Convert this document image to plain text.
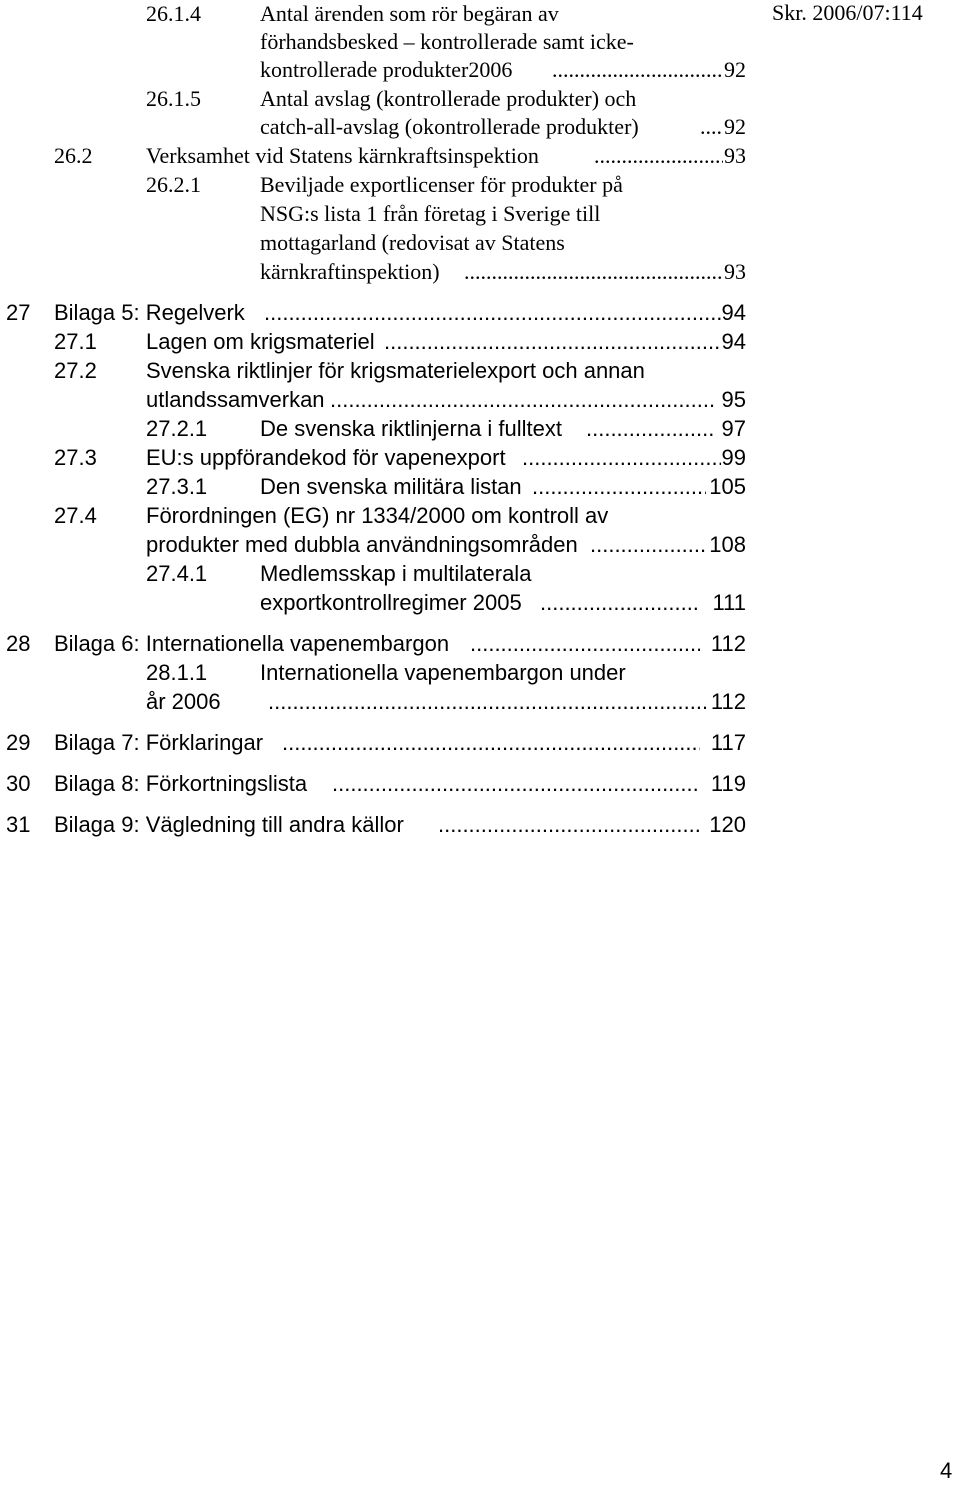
Skr. 2006/07:114
26.1.4	Antal ärenden som rör begäran av
förhandsbesked – kontrollerade samt icke-
kontrollerade produkter2006 .....	92
26.1.5	Antal avslag (kontrollerade produkter) och
catch-all-avslag (okontrollerade produkter) .....	92
26.2 Verksamhet vid Statens kärnkraftsinspektion .....	93
26.2.1	Beviljade exportlicenser för produkter på
NSG:s lista 1 från företag i Sverige till
mottagarland (redovisat av Statens
kärnkraftinspektion) .....	93
27 Bilaga 5: Regelverk .....	94
27.1 Lagen om krigsmateriel .....	94
27.2 Svenska riktlinjer för krigsmaterielexport och annan
utlandssamverkan .....	95
27.2.1 De svenska riktlinjerna i fulltext .....	97
27.3 EU:s uppförandekod för vapenexport .....	99
27.3.1 Den svenska militära listan .....	105
27.4 Förordningen (EG) nr 1334/2000 om kontroll av
produkter med dubbla användningsområden .....	108
27.4.1 Medlemsskap i multilaterala
exportkontrollregimer 2005 .....	111
28 Bilaga 6: Internationella vapenembargon .....	112
28.1.1 Internationella vapenembargon under
år 2006 .....	112
29 Bilaga 7: Förklaringar .....	117
30 Bilaga 8: Förkortningslista .....	119
31 Bilaga 9: Vägledning till andra källor .....	120
4
